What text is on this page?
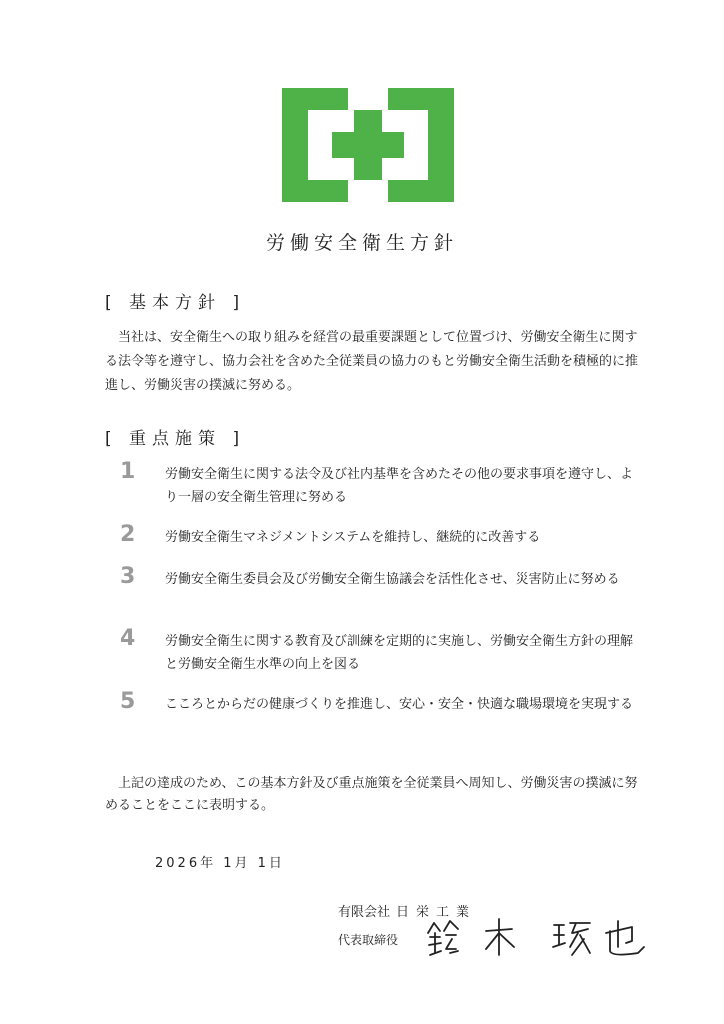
労働安全衛生方針
[ 基本方針 ]
当社は、安全衛生への取り組みを経営の最重要課題として位置づけ、労働安全衛生に関する法令等を遵守し、協力会社を含めた全従業員の協力のもと労働安全衛生活動を積極的に推進し、労働災害の撲滅に努める。
[ 重点施策 ]
1	労働安全衛生に関する法令及び社内基準を含めたその他の要求事項を遵守し、より一層の安全衛生管理に努める
2	労働安全衛生マネジメントシステムを維持し、継続的に改善する
3	労働安全衛生委員会及び労働安全衛生協議会を活性化させ、災害防止に努める
4	労働安全衛生に関する教育及び訓練を定期的に実施し、労働安全衛生方針の理解と労働安全衛生水準の向上を図る
5	こころとからだの健康づくりを推進し、安心・安全・快適な職場環境を実現する
上記の達成のため、この基本方針及び重点施策を全従業員へ周知し、労働災害の撲滅に努めることをここに表明する。
2026年 1月 1日
有限会社 日栄工業
代表取締役
